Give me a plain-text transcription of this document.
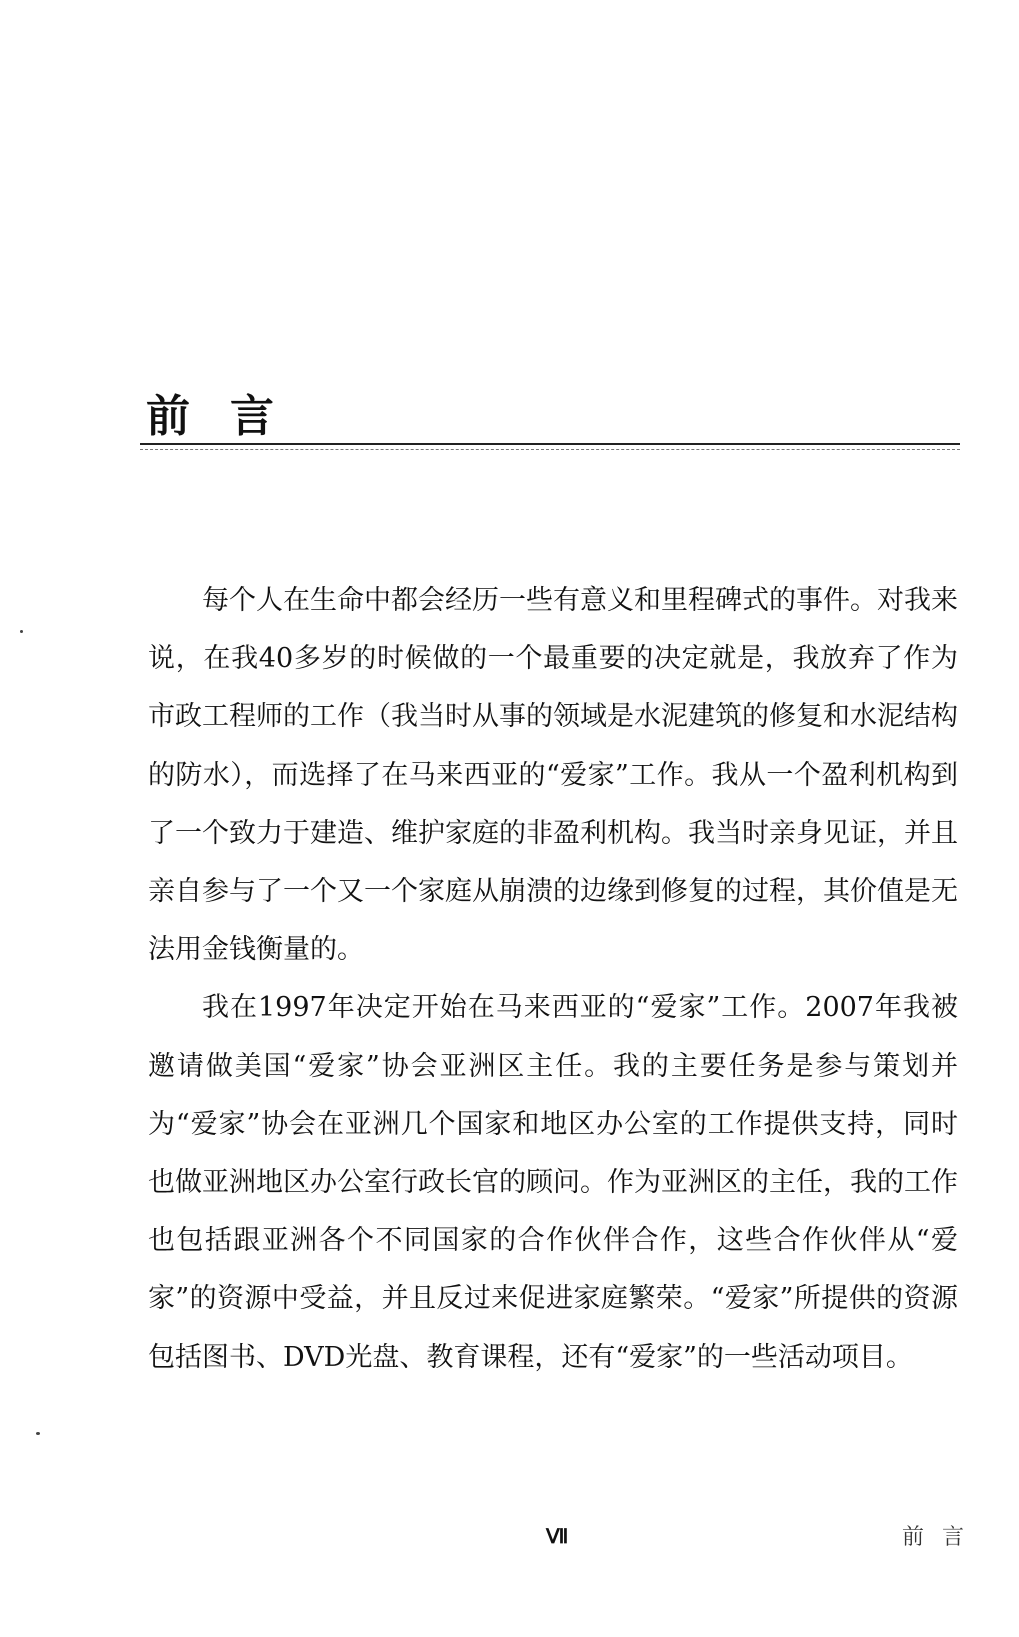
前言

每个人在生命中都会经历一些有意义和里程碑式的事件。对我来说，在我40多岁的时候做的一个最重要的决定就是，我放弃了作为市政工程师的工作（我当时从事的领域是水泥建筑的修复和水泥结构的防水），而选择了在马来西亚的“爱家”工作。我从一个盈利机构到了一个致力于建造、维护家庭的非盈利机构。我当时亲身见证，并且亲自参与了一个又一个家庭从崩溃的边缘到修复的过程，其价值是无法用金钱衡量的。

我在1997年决定开始在马来西亚的“爱家”工作。2007年我被邀请做美国“爱家”协会亚洲区主任。我的主要任务是参与策划并为“爱家”协会在亚洲几个国家和地区办公室的工作提供支持，同时也做亚洲地区办公室行政长官的顾问。作为亚洲区的主任，我的工作也包括跟亚洲各个不同国家的合作伙伴合作，这些合作伙伴从“爱家”的资源中受益，并且反过来促进家庭繁荣。“爱家”所提供的资源包括图书、DVD光盘、教育课程，还有“爱家”的一些活动项目。

Ⅶ	前言
